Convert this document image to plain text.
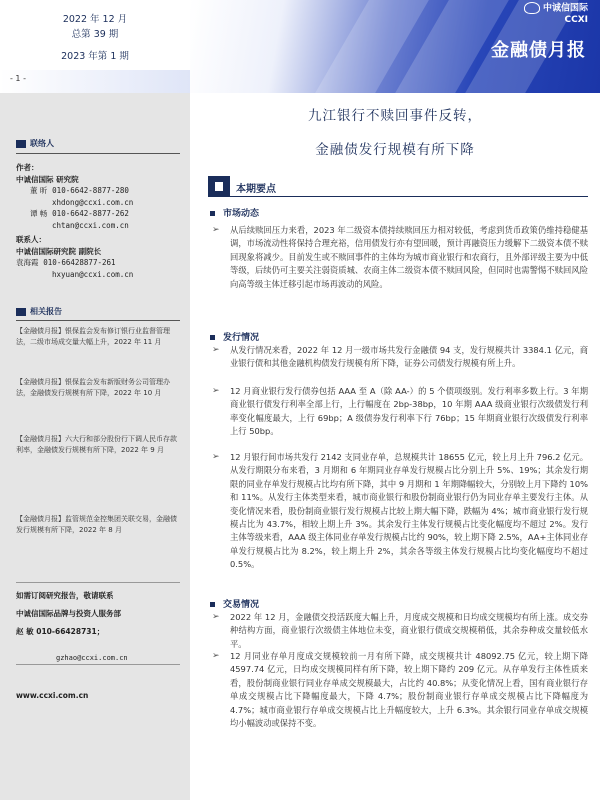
2022 年 12 月
总第 39 期
2023 年第 1 期
中诚信国际
CCXI
金融债月报
- 1 -
联络人
作者：
中诚信国际 研究院
董 昕 010-6642-8877-280
xhdong@ccxi.com.cn
谭 畅 010-6642-8877-262
chtan@ccxi.com.cn
联系人：
中诚信国际研究院 副院长
袁海霞 010-66428877-261
hxyuan@ccxi.com.cn
相关报告
【金融债月报】银保监会发布修订银行业监督管理法，二级市场成交量大幅上升，2022 年 11 月
【金融债月报】银保监会发布新版财务公司管理办法，金融债发行规模有所下降，2022 年 10 月
【金融债月报】六大行和部分股份行下调人民币存款利率，金融债发行规模有所下降，2022 年 9 月
【金融债月报】监管规范金控集团关联交易，金融债发行规模有所下降，2022 年 8 月
如需订阅研究报告，敬请联系
中诚信国际品牌与投资人服务部
赵 敏 010-66428731；
gzhao@ccxi.com.cn
www.ccxi.com.cn
九江银行不赎回事件反转，
金融债发行规模有所下降
本期要点
市场动态
➢	从后续赎回压力来看，2023 年二级资本债持续赎回压力相对较低，考虑到货币政策仍维持稳健基调，市场流动性将保持合理充裕，信用债发行亦有望回暖，预计再融资压力缓解下二级资本债不赎回现象将减少。目前发生或不赎回事件的主体均为城市商业银行和农商行，且外部评级主要为中低等级，后续仍可主要关注弱资质城、农商主体二级资本债不赎回风险，但同时也需警惕不赎回风险向高等级主体迁移引起市场再波动的风险。
发行情况
➢	从发行情况来看，2022 年 12 月一级市场共发行金融债 94 支，发行规模共计 3384.1 亿元，商业银行债和其他金融机构债发行规模有所下降，证券公司债发行规模有所上升。
➢	12 月商业银行发行债券包括 AAA 至 A（除 AA-）的 5 个债项级别。发行利率多数上行。3 年期商业银行债发行利率全部上行，上行幅度在 2bp-38bp，10 年期 AAA 级商业银行次级债发行利率变化幅度最大，上行 69bp；A 级债券发行利率下行 76bp；15 年期商业银行次级债发行利率上行 50bp。
➢	12 月银行间市场共发行 2142 支同业存单，总规模共计 18655 亿元，较上月上升 796.2 亿元。从发行期限分布来看，3 月期和 6 年期同业存单发行规模占比分别上升 5%、19%；其余发行期限的同业存单发行规模占比均有所下降，其中 9 月期和 1 年期降幅较大，分别较上月下降约 10% 和 11%。从发行主体类型来看，城市商业银行和股份制商业银行仍为同业存单主要发行主体。从变化情况来看，股份制商业银行发行规模占比较上期大幅下降，跌幅为 4%；城市商业银行发行规模占比为 43.7%，相较上期上升 3%。其余发行主体发行规模占比变化幅度均不超过 2%。发行主体等级来看，AAA 级主体同业存单发行规模占比约 90%，较上期下降 2.5%，AA+主体同业存单发行规模占比为 8.2%，较上期上升 2%，其余各等级主体发行规模占比均变化幅度均不超过 0.5%。
交易情况
➢	2022 年 12 月，金融债交投活跃度大幅上升，月度成交规模和日均成交规模均有所上涨。成交券种结构方面，商业银行次级债主体地位未变，商业银行债成交规模稍低，其余券种成交量较低水平。
➢	12 月同业存单月度成交规模较前一月有所下降，成交规模共计 48092.75 亿元，较上期下降 4597.74 亿元，日均成交规模同样有所下降，较上期下降约 209 亿元。从存单发行主体性质来看，股份制商业银行同业存单成交规模最大，占比约 40.8%；从变化情况上看，国有商业银行存单成交规模占比下降幅度最大，下降 4.7%；股份制商业银行存单成交规模占比下降幅度为 4.7%；城市商业银行存单成交规模占比上升幅度较大，上升 6.3%。其余银行同业存单成交规模均小幅波动或保持不变。
